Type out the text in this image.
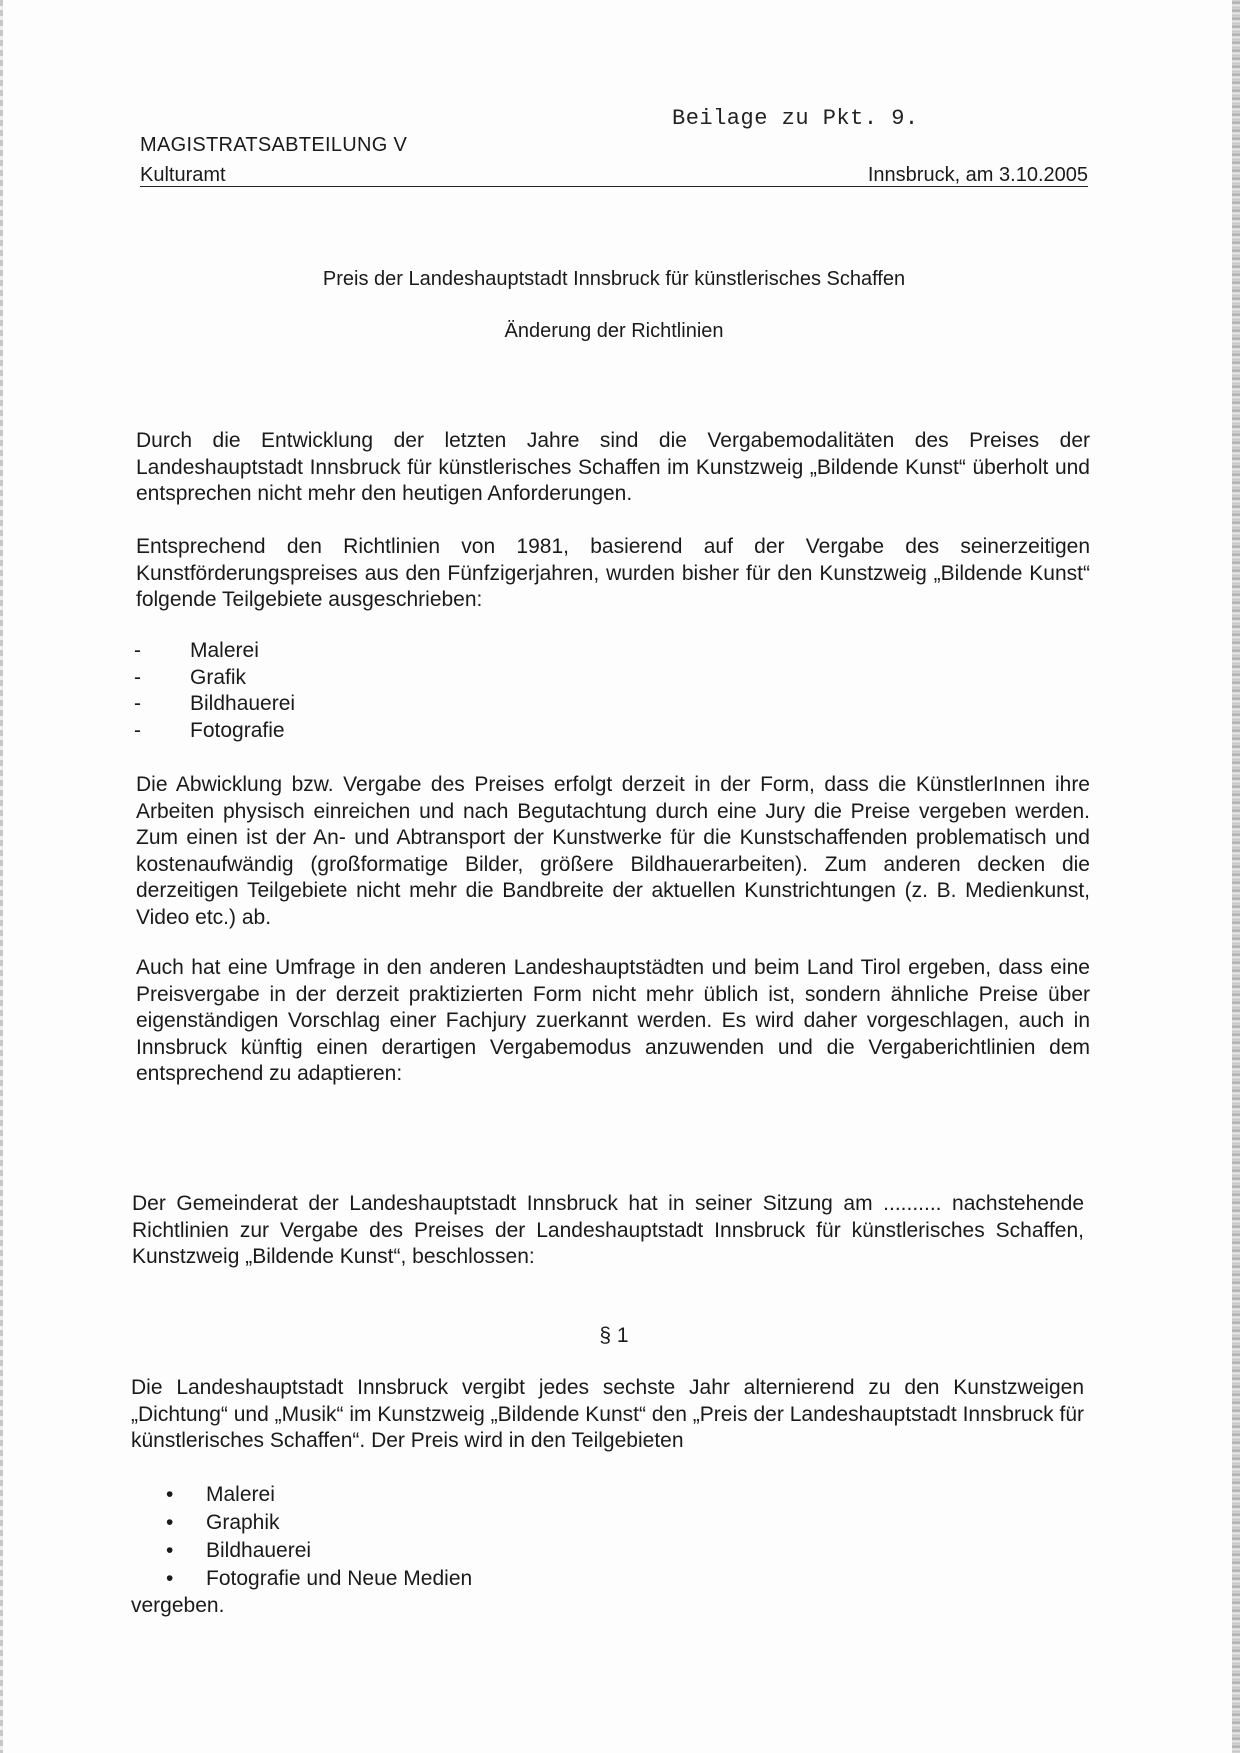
Beilage zu Pkt. 9.
MAGISTRATSABTEILUNG V
Kulturamt	Innsbruck, am 3.10.2005
Preis der Landeshauptstadt Innsbruck für künstlerisches Schaffen
Änderung der Richtlinien

Durch die Entwicklung der letzten Jahre sind die Vergabemodalitäten des Preises der Landeshauptstadt Innsbruck für künstlerisches Schaffen im Kunstzweig „Bildende Kunst“ überholt und entsprechen nicht mehr den heutigen Anforderungen.

Entsprechend den Richtlinien von 1981, basierend auf der Vergabe des seinerzeitigen Kunstförderungspreises aus den Fünfzigerjahren, wurden bisher für den Kunstzweig „Bildende Kunst“ folgende Teilgebiete ausgeschrieben:

- Malerei
- Grafik
- Bildhauerei
- Fotografie

Die Abwicklung bzw. Vergabe des Preises erfolgt derzeit in der Form, dass die KünstlerInnen ihre Arbeiten physisch einreichen und nach Begutachtung durch eine Jury die Preise vergeben werden. Zum einen ist der An- und Abtransport der Kunstwerke für die Kunstschaffenden problematisch und kostenaufwändig (großformatige Bilder, größere Bildhauerarbeiten). Zum anderen decken die derzeitigen Teilgebiete nicht mehr die Bandbreite der aktuellen Kunstrichtungen (z. B. Medienkunst, Video etc.) ab.

Auch hat eine Umfrage in den anderen Landeshauptstädten und beim Land Tirol ergeben, dass eine Preisvergabe in der derzeit praktizierten Form nicht mehr üblich ist, sondern ähnliche Preise über eigenständigen Vorschlag einer Fachjury zuerkannt werden. Es wird daher vorgeschlagen, auch in Innsbruck künftig einen derartigen Vergabemodus anzuwenden und die Vergaberichtlinien dem entsprechend zu adaptieren:

Der Gemeinderat der Landeshauptstadt Innsbruck hat in seiner Sitzung am .......... nachstehende Richtlinien zur Vergabe des Preises der Landeshauptstadt Innsbruck für künstlerisches Schaffen, Kunstzweig „Bildende Kunst“, beschlossen:

§ 1

Die Landeshauptstadt Innsbruck vergibt jedes sechste Jahr alternierend zu den Kunstzweigen „Dichtung“ und „Musik“ im Kunstzweig „Bildende Kunst“ den „Preis der Landeshauptstadt Innsbruck für künstlerisches Schaffen“. Der Preis wird in den Teilgebieten

• Malerei
• Graphik
• Bildhauerei
• Fotografie und Neue Medien
vergeben.
